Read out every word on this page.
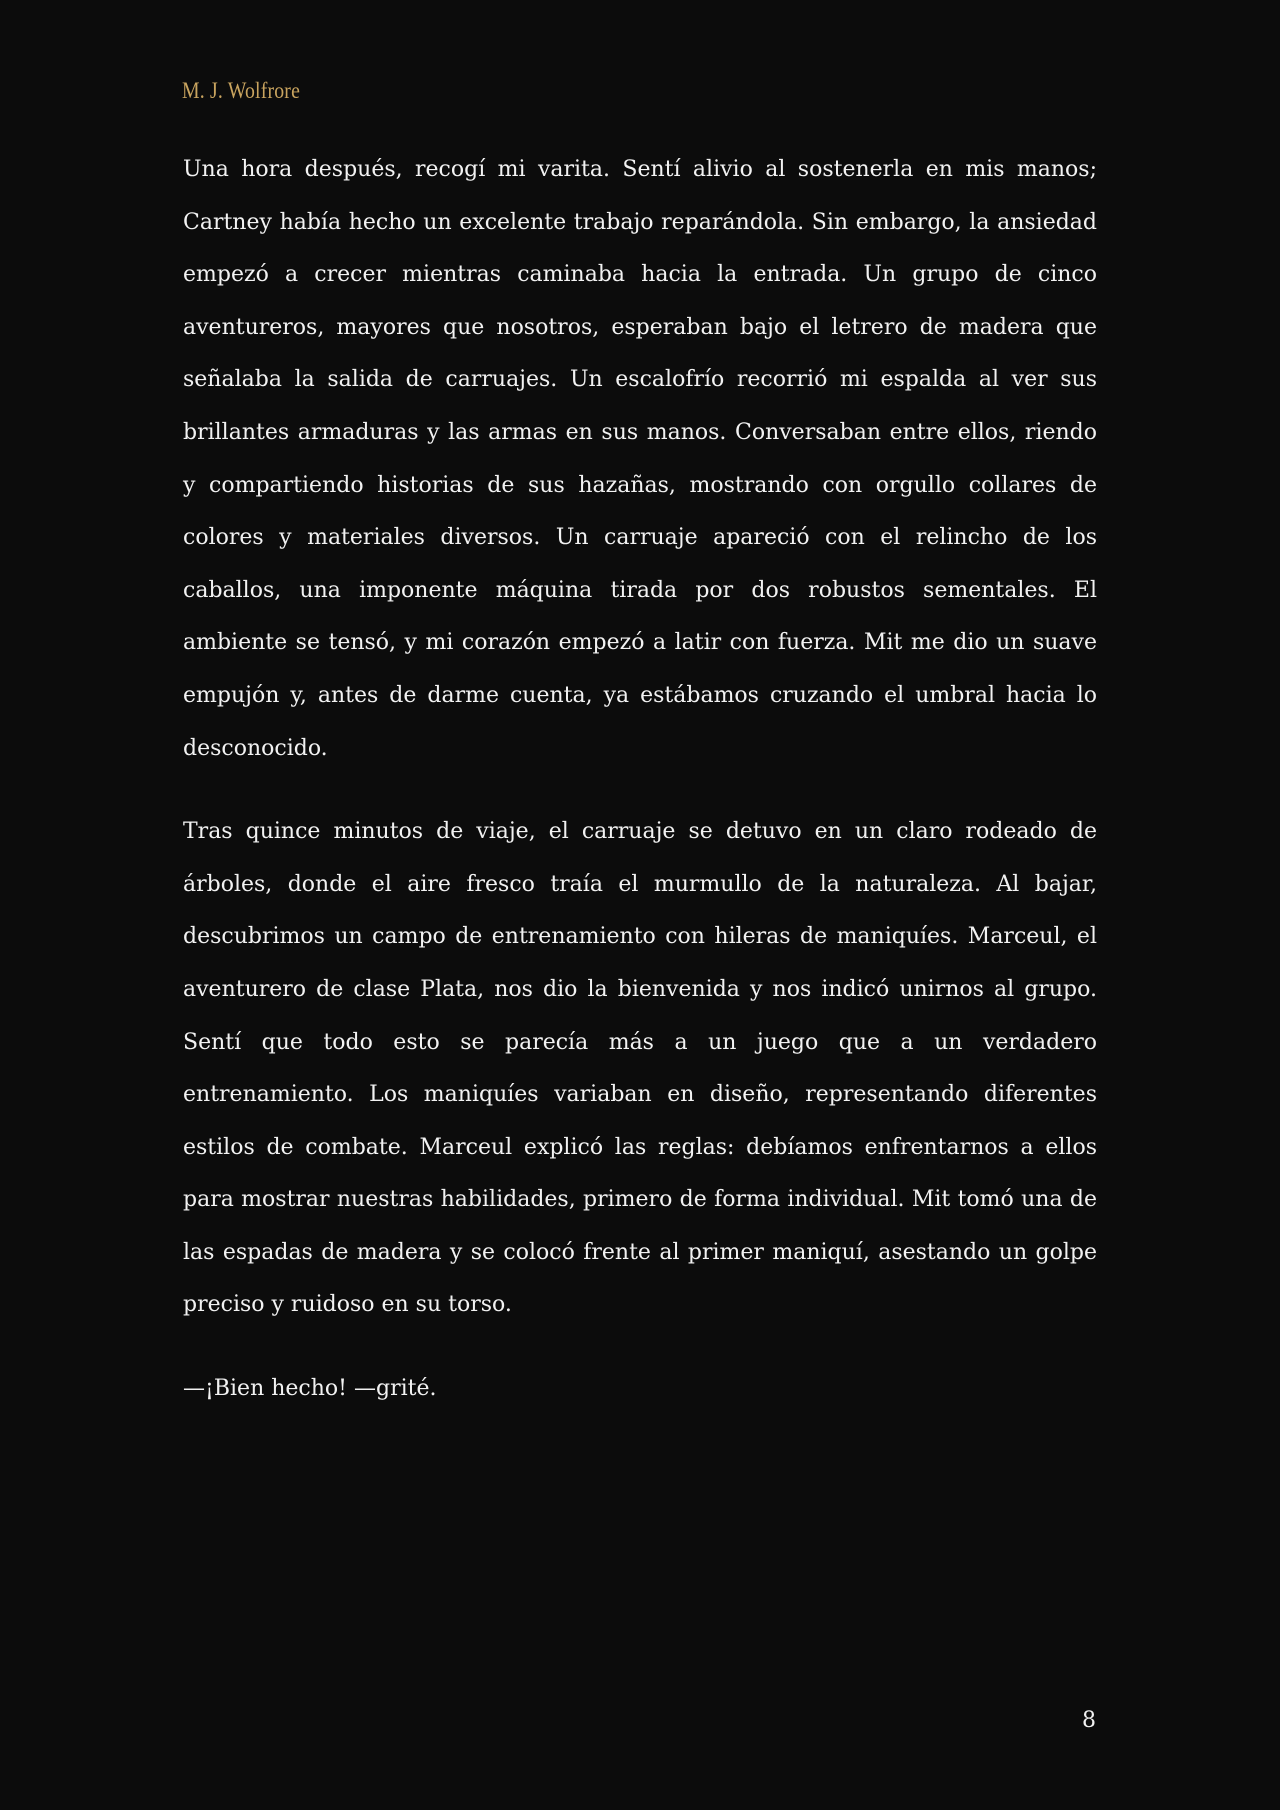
M. J. Wolfrore

Una hora después, recogí mi varita. Sentí alivio al sostenerla en mis manos; Cartney había hecho un excelente trabajo reparándola. Sin embargo, la ansiedad empezó a crecer mientras caminaba hacia la entrada. Un grupo de cinco aventureros, mayores que nosotros, esperaban bajo el letrero de madera que señalaba la salida de carruajes. Un escalofrío recorrió mi espalda al ver sus brillantes armaduras y las armas en sus manos. Conversaban entre ellos, riendo y compartiendo historias de sus hazañas, mostrando con orgullo collares de colores y materiales diversos. Un carruaje apareció con el relincho de los caballos, una imponente máquina tirada por dos robustos sementales. El ambiente se tensó, y mi corazón empezó a latir con fuerza. Mit me dio un suave empujón y, antes de darme cuenta, ya estábamos cruzando el umbral hacia lo desconocido.

Tras quince minutos de viaje, el carruaje se detuvo en un claro rodeado de árboles, donde el aire fresco traía el murmullo de la naturaleza. Al bajar, descubrimos un campo de entrenamiento con hileras de maniquíes. Marceul, el aventurero de clase Plata, nos dio la bienvenida y nos indicó unirnos al grupo. Sentí que todo esto se parecía más a un juego que a un verdadero entrenamiento. Los maniquíes variaban en diseño, representando diferentes estilos de combate. Marceul explicó las reglas: debíamos enfrentarnos a ellos para mostrar nuestras habilidades, primero de forma individual. Mit tomó una de las espadas de madera y se colocó frente al primer maniquí, asestando un golpe preciso y ruidoso en su torso.

—¡Bien hecho! —grité.

8
